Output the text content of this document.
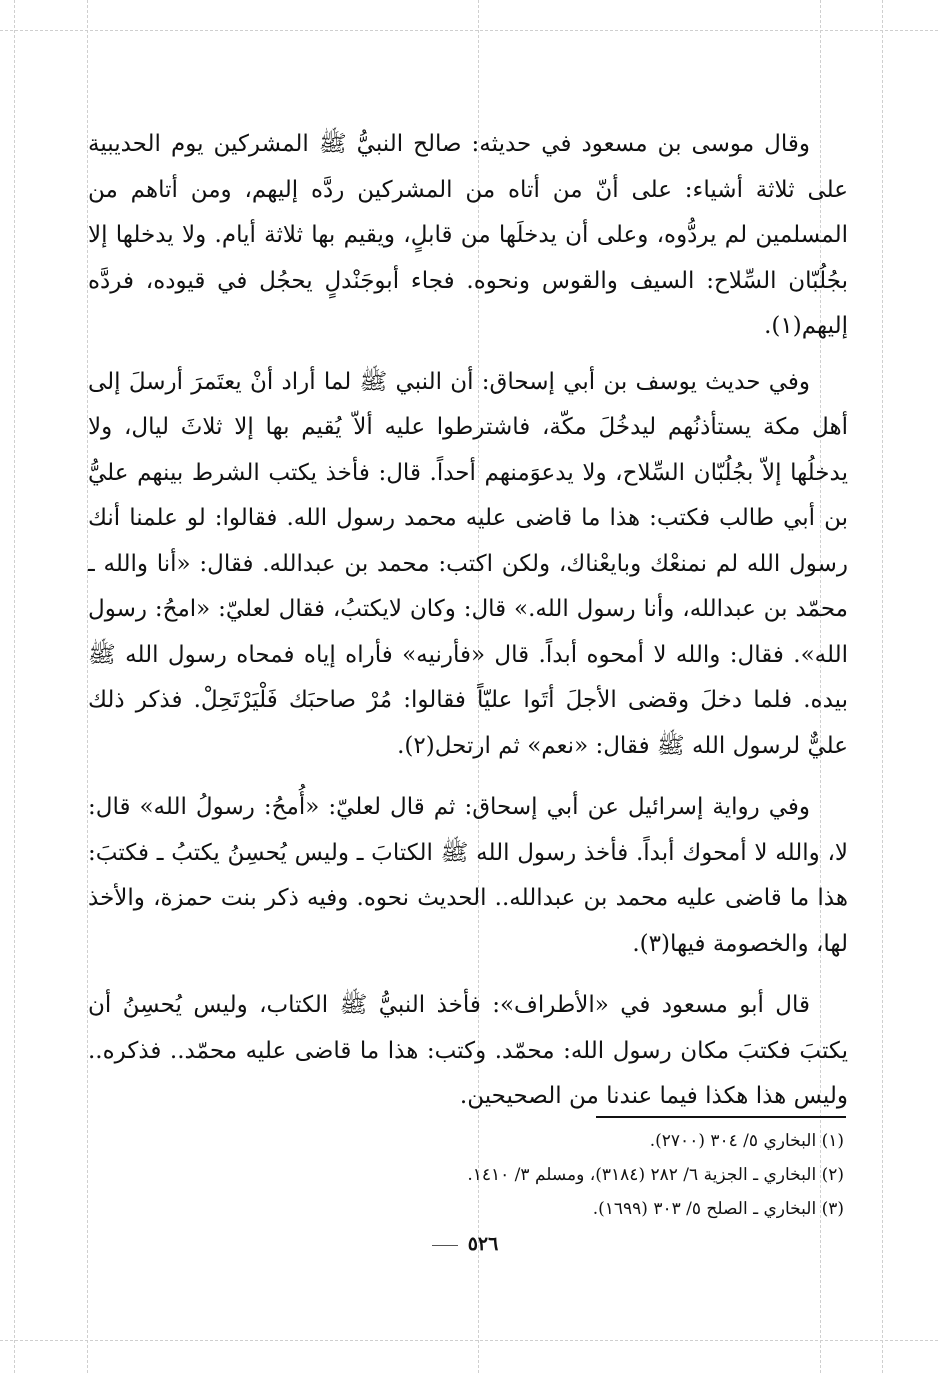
وقال موسى بن مسعود في حديثه: صالح النبيُّ ﷺ المشركين يوم الحديبية على ثلاثة أشياء: على أنّ من أتاه من المشركين ردَّه إليهم، ومن أتاهم من المسلمين لم يردُّوه، وعلى أن يدخلَها من قابلٍ، ويقيم بها ثلاثة أيام. ولا يدخلها إلا بجُلُبّان السِّلاح: السيف والقوس ونحوه. فجاء أبوجَنْدلٍ يحجُل في قيوده، فردَّه إليهم(١).

وفي حديث يوسف بن أبي إسحاق: أن النبي ﷺ لما أراد أنْ يعتَمرَ أرسلَ إلى أهل مكة يستأذنُهم ليدخُلَ مكّة، فاشترطوا عليه ألاّ يُقيم بها إلا ثلاثَ ليال، ولا يدخلُها إلاّ بجُلُبّان السِّلاح، ولا يدعوَمنهم أحداً. قال: فأخذ يكتب الشرط بينهم عليُّ بن أبي طالب فكتب: هذا ما قاضى عليه محمد رسول الله. فقالوا: لو علمنا أنك رسول الله لم نمنعْك وبايعْناك، ولكن اكتب: محمد بن عبدالله. فقال: «أنا والله ـ محمّد بن عبدالله، وأنا رسول الله.» قال: وكان لايكتبُ، فقال لعليّ: «امحُ: رسول الله». فقال: والله لا أمحوه أبداً. قال «فأرنيه» فأراه إياه فمحاه رسول الله ﷺ بيده. فلما دخلَ وقضى الأجلَ أتَوا عليّاً فقالوا: مُرْ صاحبَك فَلْيَرْتَحِلْ. فذكر ذلك عليٌّ لرسول الله ﷺ فقال: «نعم» ثم ارتحل(٢).

وفي رواية إسرائيل عن أبي إسحاق: ثم قال لعليّ: «أُمحُ: رسولُ الله» قال: لا، والله لا أمحوك أبداً. فأخذ رسول الله ﷺ الكتابَ ـ وليس يُحسِنُ يكتبُ ـ فكتبَ: هذا ما قاضى عليه محمد بن عبدالله.. الحديث نحوه. وفيه ذكر بنت حمزة، والأخذ لها، والخصومة فيها(٣).

قال أبو مسعود في «الأطراف»: فأخذ النبيُّ ﷺ الكتاب، وليس يُحسِنُ أن يكتبَ فكتبَ مكان رسول الله: محمّد. وكتب: هذا ما قاضى عليه محمّد.. فذكره.. وليس هذا هكذا فيما عندنا من الصحيحين.

(١) البخاري ٥/ ٣٠٤ (٢٧٠٠).

(٢) البخاري ـ الجزية ٦/ ٢٨٢ (٣١٨٤)، ومسلم ٣/ ١٤١٠.

(٣) البخاري ـ الصلح ٥/ ٣٠٣ (١٦٩٩).

٥٢٦
